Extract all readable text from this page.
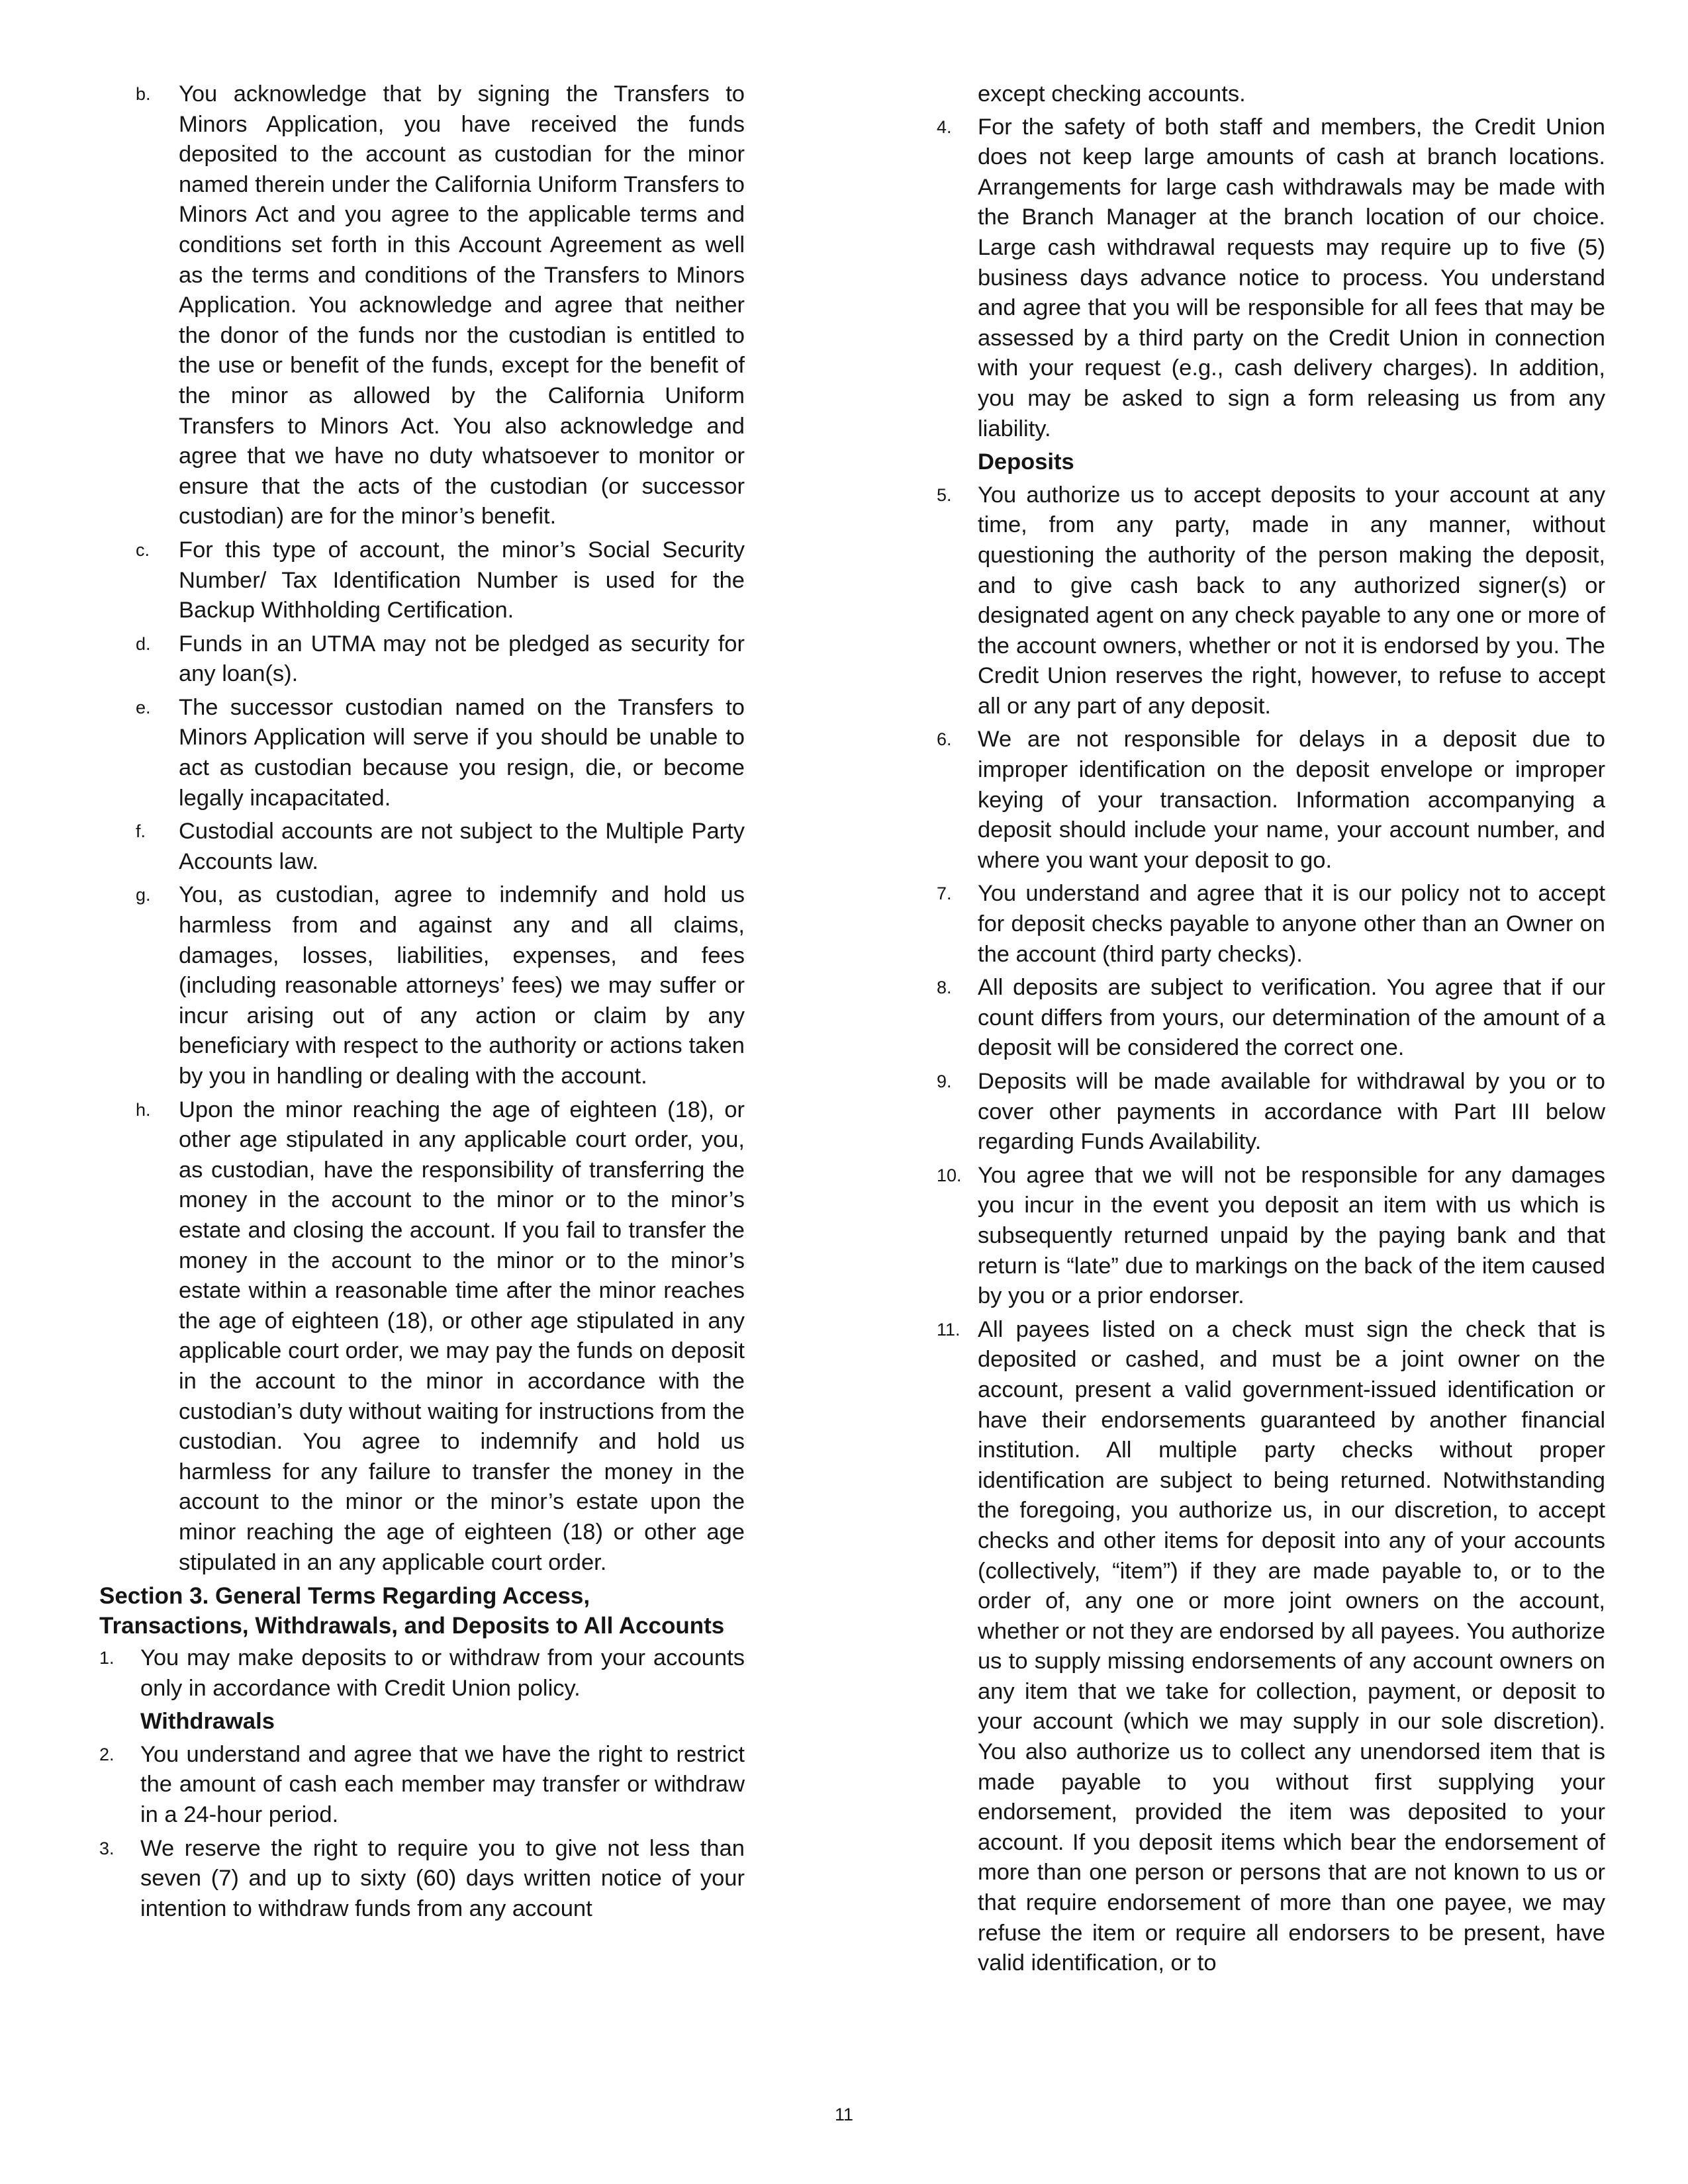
b. You acknowledge that by signing the Transfers to Minors Application, you have received the funds deposited to the account as custodian for the minor named therein under the California Uniform Transfers to Minors Act and you agree to the applicable terms and conditions set forth in this Account Agreement as well as the terms and conditions of the Transfers to Minors Application. You acknowledge and agree that neither the donor of the funds nor the custodian is entitled to the use or benefit of the funds, except for the benefit of the minor as allowed by the California Uniform Transfers to Minors Act. You also acknowledge and agree that we have no duty whatsoever to monitor or ensure that the acts of the custodian (or successor custodian) are for the minor’s benefit.
c. For this type of account, the minor’s Social Security Number/ Tax Identification Number is used for the Backup Withholding Certification.
d. Funds in an UTMA may not be pledged as security for any loan(s).
e. The successor custodian named on the Transfers to Minors Application will serve if you should be unable to act as custodian because you resign, die, or become legally incapacitated.
f. Custodial accounts are not subject to the Multiple Party Accounts law.
g. You, as custodian, agree to indemnify and hold us harmless from and against any and all claims, damages, losses, liabilities, expenses, and fees (including reasonable attorneys’ fees) we may suffer or incur arising out of any action or claim by any beneficiary with respect to the authority or actions taken by you in handling or dealing with the account.
h. Upon the minor reaching the age of eighteen (18), or other age stipulated in any applicable court order, you, as custodian, have the responsibility of transferring the money in the account to the minor or to the minor’s estate and closing the account. If you fail to transfer the money in the account to the minor or to the minor’s estate within a reasonable time after the minor reaches the age of eighteen (18), or other age stipulated in any applicable court order, we may pay the funds on deposit in the account to the minor in accordance with the custodian’s duty without waiting for instructions from the custodian. You agree to indemnify and hold us harmless for any failure to transfer the money in the account to the minor or the minor’s estate upon the minor reaching the age of eighteen (18) or other age stipulated in an any applicable court order.
Section 3. General Terms Regarding Access, Transactions, Withdrawals, and Deposits to All Accounts
1. You may make deposits to or withdraw from your accounts only in accordance with Credit Union policy.
Withdrawals
2. You understand and agree that we have the right to restrict the amount of cash each member may transfer or withdraw in a 24-hour period.
3. We reserve the right to require you to give not less than seven (7) and up to sixty (60) days written notice of your intention to withdraw funds from any account
except checking accounts.
4. For the safety of both staff and members, the Credit Union does not keep large amounts of cash at branch locations. Arrangements for large cash withdrawals may be made with the Branch Manager at the branch location of our choice. Large cash withdrawal requests may require up to five (5) business days advance notice to process. You understand and agree that you will be responsible for all fees that may be assessed by a third party on the Credit Union in connection with your request (e.g., cash delivery charges). In addition, you may be asked to sign a form releasing us from any liability.
Deposits
5. You authorize us to accept deposits to your account at any time, from any party, made in any manner, without questioning the authority of the person making the deposit, and to give cash back to any authorized signer(s) or designated agent on any check payable to any one or more of the account owners, whether or not it is endorsed by you. The Credit Union reserves the right, however, to refuse to accept all or any part of any deposit.
6. We are not responsible for delays in a deposit due to improper identification on the deposit envelope or improper keying of your transaction. Information accompanying a deposit should include your name, your account number, and where you want your deposit to go.
7. You understand and agree that it is our policy not to accept for deposit checks payable to anyone other than an Owner on the account (third party checks).
8. All deposits are subject to verification. You agree that if our count differs from yours, our determination of the amount of a deposit will be considered the correct one.
9. Deposits will be made available for withdrawal by you or to cover other payments in accordance with Part III below regarding Funds Availability.
10. You agree that we will not be responsible for any damages you incur in the event you deposit an item with us which is subsequently returned unpaid by the paying bank and that return is “late” due to markings on the back of the item caused by you or a prior endorser.
11. All payees listed on a check must sign the check that is deposited or cashed, and must be a joint owner on the account, present a valid government-issued identification or have their endorsements guaranteed by another financial institution. All multiple party checks without proper identification are subject to being returned. Notwithstanding the foregoing, you authorize us, in our discretion, to accept checks and other items for deposit into any of your accounts (collectively, “item”) if they are made payable to, or to the order of, any one or more joint owners on the account, whether or not they are endorsed by all payees. You authorize us to supply missing endorsements of any account owners on any item that we take for collection, payment, or deposit to your account (which we may supply in our sole discretion). You also authorize us to collect any unendorsed item that is made payable to you without first supplying your endorsement, provided the item was deposited to your account. If you deposit items which bear the endorsement of more than one person or persons that are not known to us or that require endorsement of more than one payee, we may refuse the item or require all endorsers to be present, have valid identification, or to
11
